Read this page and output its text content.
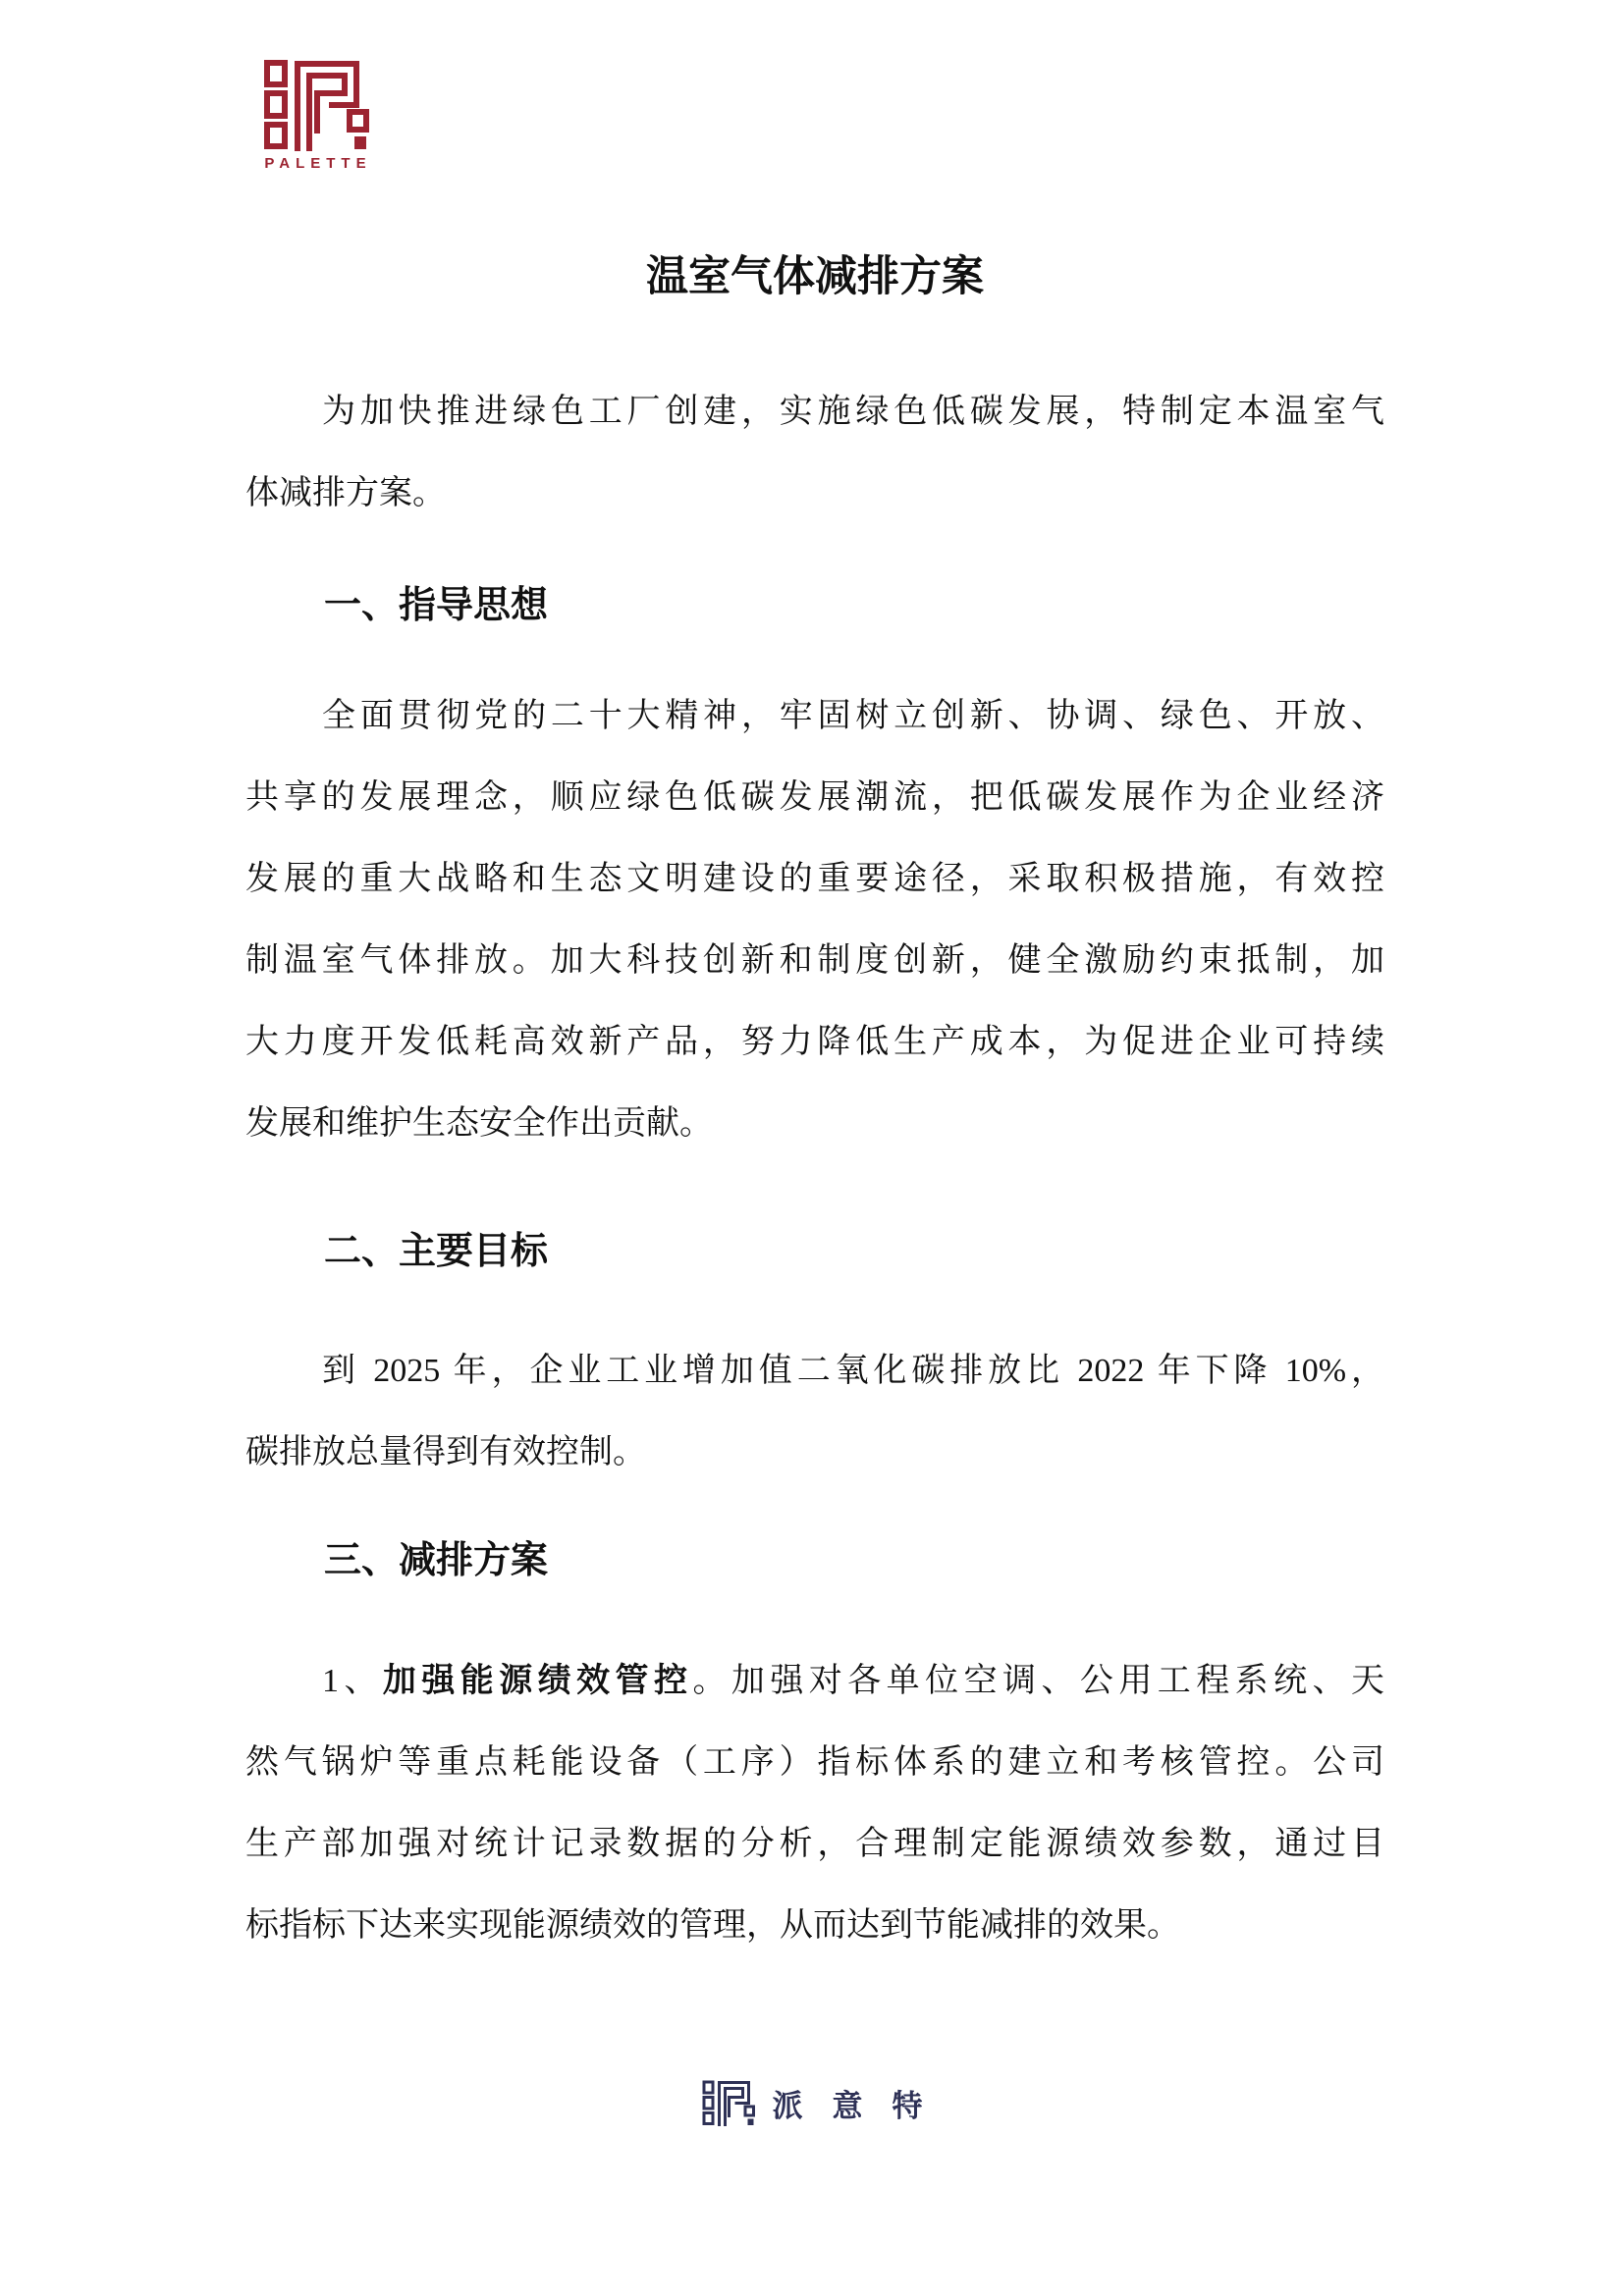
PALETTE
温室气体减排方案
为加快推进绿色工厂创建，实施绿色低碳发展，特制定本温室气
体减排方案。
一、指导思想
全面贯彻党的二十大精神，牢固树立创新、协调、绿色、开放、
共享的发展理念，顺应绿色低碳发展潮流，把低碳发展作为企业经济
发展的重大战略和生态文明建设的重要途径，采取积极措施，有效控
制温室气体排放。加大科技创新和制度创新，健全激励约束抵制，加
大力度开发低耗高效新产品，努力降低生产成本，为促进企业可持续
发展和维护生态安全作出贡献。
二、主要目标
到 2025 年，企业工业增加值二氧化碳排放比 2022 年下降 10%，
碳排放总量得到有效控制。
三、减排方案
1、加强能源绩效管控。加强对各单位空调、公用工程系统、天
然气锅炉等重点耗能设备（工序）指标体系的建立和考核管控。公司
生产部加强对统计记录数据的分析，合理制定能源绩效参数，通过目
标指标下达来实现能源绩效的管理，从而达到节能减排的效果。
派意特
